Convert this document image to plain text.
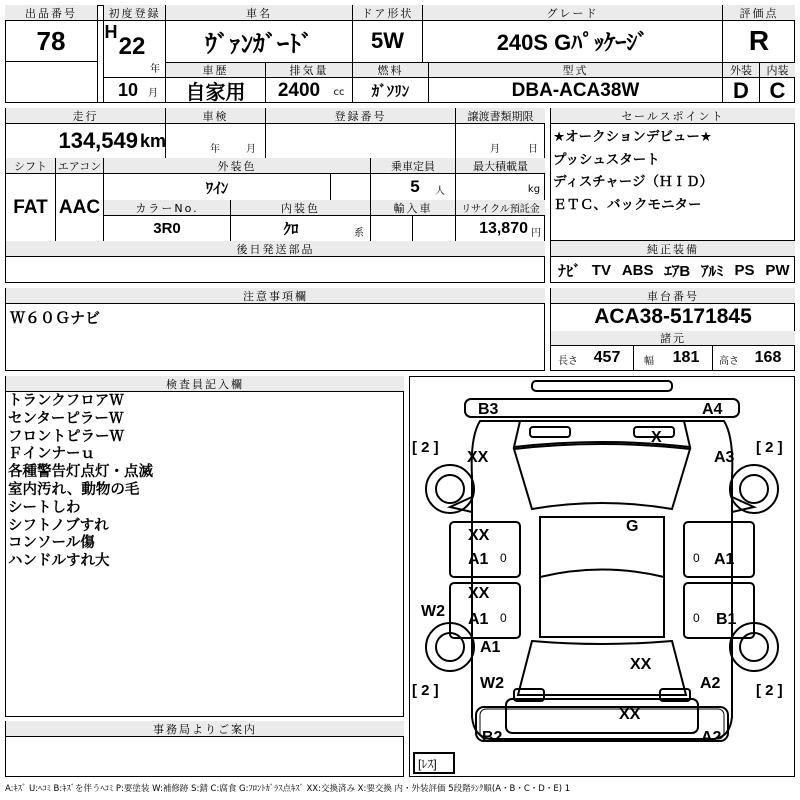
出品番号
78
初度登録
H
22
年
10 月
車名
ｳﾞｧﾝｶﾞｰﾄﾞ
ドア形状
5W
グレード
240S Gﾊﾟｯｹｰｼﾞ
評価点
R
車歴
自家用
排気量
2400	cc
燃料
ｶﾞｿﾘﾝ
型式
DBA-ACA38W
外装
D
内装
C
走行
134,549 km
車検
年	月
登録番号	譲渡書類期限
月	日
シフト
FAT
エアコン
AAC
外装色
ﾜｲﾝ
乗車定員
5	人
最大積載量
kg
カラーNo.
3R0
内装色
ｸﾛ	系
輸入車	リサイクル預託金
13,870 円
後日発送部品
セールスポイント
★オークションデビュー★
プッシュスタート
ディスチャージ（ＨＩＤ）
ＥＴＣ、バックモニター
純正装備
ﾅﾋﾞ TV ABS ｴｱB ｱﾙﾐ PS PW
注意事項欄
Ｗ６０Ｇナビ
車台番号
ACA38-5171845
諸元
長さ 457	幅	181	高さ 168
検査員記入欄
トランクフロアＷ
センターピラーＷ
フロントピラーＷ
Ｆインナーｕ
各種警告灯点灯・点滅
室内汚れ、動物の毛
シートしわ
シフトノブすれ
コンソール傷
ハンドルすれ大
B3	A4
X
XX	A3
G
XX
A1 0	0 A1
XX
A1 0	0 B1
W2
A1
XX
W2	A2
XX
B2	A2
[ 2 ]	[ 2 ]
[ 2 ]	[ 2 ]
[ﾚｽ]
事務局よりご案内
A:ｷｽﾞ U:ﾍｺﾐ B:ｷｽﾞを伴うﾍｺﾐ P:要塗装 W:補修跡 S:錆 C:腐食 G:ﾌﾛﾝﾄｶﾞﾗｽ点ｷｽﾞ XX:交換済み X:要交換 内・外装評価 5段階ﾗﾝｸ順(A・B・C・D・E) 1
